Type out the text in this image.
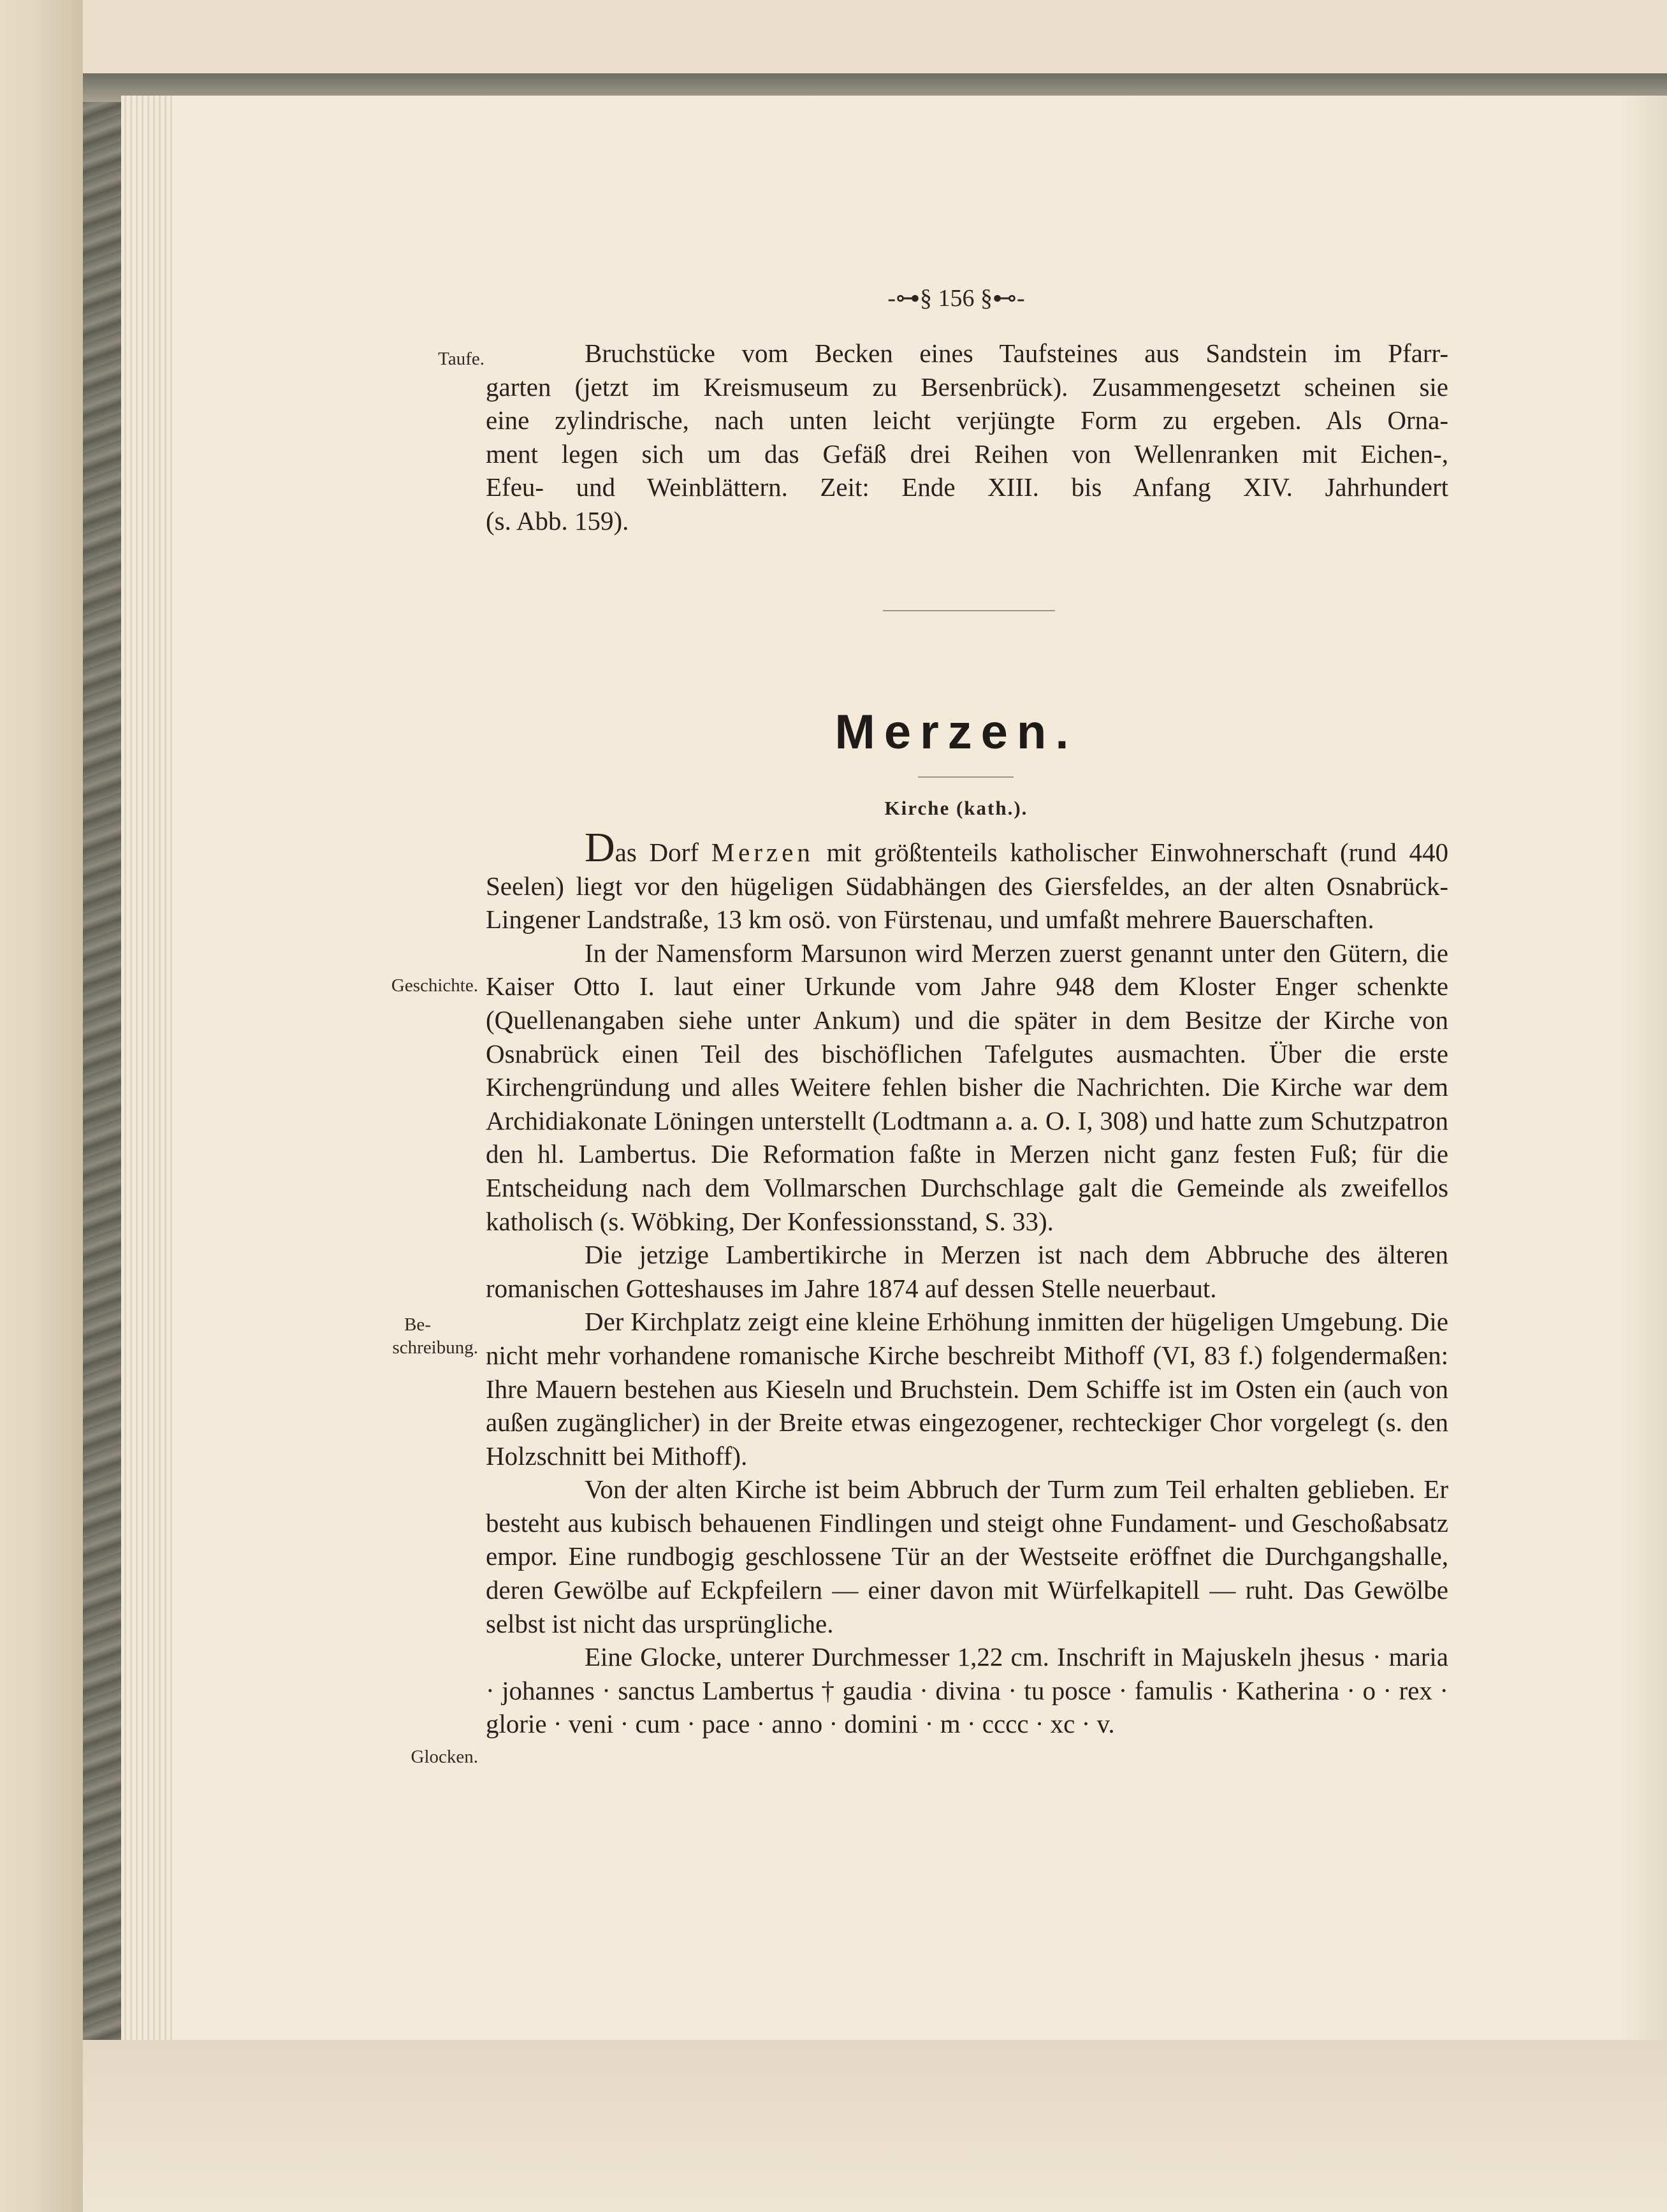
-⊶§ 156 §⊷-
Taufe.	Bruchstücke vom Becken eines Taufsteines aus Sandstein im Pfarr-

garten (jetzt im Kreismuseum zu Bersenbrück). Zusammengesetzt scheinen sie

eine zylindrische, nach unten leicht verjüngte Form zu ergeben. Als Orna-

ment legen sich um das Gefäß drei Reihen von Wellenranken mit Eichen-,

Efeu- und Weinblättern. Zeit: Ende XIII. bis Anfang XIV. Jahrhundert

(s. Abb. 159).

Merzen.
Kirche (kath.).
Geschichte.
Be-
schreibung.
Glocken.

Das Dorf Merzen mit größtenteils katholischer Einwohnerschaft (rund 440 Seelen) liegt vor den hügeligen Südabhängen des Giersfeldes, an der alten Osnabrück-Lingener Landstraße, 13 km osö. von Fürstenau, und umfaßt mehrere Bauerschaften.

In der Namensform Marsunon wird Merzen zuerst genannt unter den Gütern, die Kaiser Otto I. laut einer Urkunde vom Jahre 948 dem Kloster Enger schenkte (Quellenangaben siehe unter Ankum) und die später in dem Besitze der Kirche von Osnabrück einen Teil des bischöflichen Tafelgutes ausmachten. Über die erste Kirchengründung und alles Weitere fehlen bisher die Nachrichten. Die Kirche war dem Archidiakonate Löningen unterstellt (Lodtmann a. a. O. I, 308) und hatte zum Schutzpatron den hl. Lambertus. Die Reformation faßte in Merzen nicht ganz festen Fuß; für die Entscheidung nach dem Vollmarschen Durchschlage galt die Gemeinde als zweifellos katholisch (s. Wöbking, Der Konfessionsstand, S. 33).

Die jetzige Lambertikirche in Merzen ist nach dem Abbruche des älteren romanischen Gotteshauses im Jahre 1874 auf dessen Stelle neuerbaut.

Der Kirchplatz zeigt eine kleine Erhöhung inmitten der hügeligen Umgebung. Die nicht mehr vorhandene romanische Kirche beschreibt Mithoff (VI, 83 f.) folgendermaßen: Ihre Mauern bestehen aus Kieseln und Bruchstein. Dem Schiffe ist im Osten ein (auch von außen zugänglicher) in der Breite etwas eingezogener, rechteckiger Chor vorgelegt (s. den Holzschnitt bei Mithoff).

Von der alten Kirche ist beim Abbruch der Turm zum Teil erhalten geblieben. Er besteht aus kubisch behauenen Findlingen und steigt ohne Fundament- und Geschoßabsatz empor. Eine rundbogig geschlossene Tür an der Westseite eröffnet die Durchgangshalle, deren Gewölbe auf Eckpfeilern — einer davon mit Würfelkapitell — ruht. Das Gewölbe selbst ist nicht das ursprüngliche.

Eine Glocke, unterer Durchmesser 1,22 cm. Inschrift in Majuskeln jhesus · maria · johannes · sanctus Lambertus † gaudia · divina · tu posce · famulis · Katherina · o · rex · glorie · veni · cum · pace · anno · domini · m · cccc · xc · v.
